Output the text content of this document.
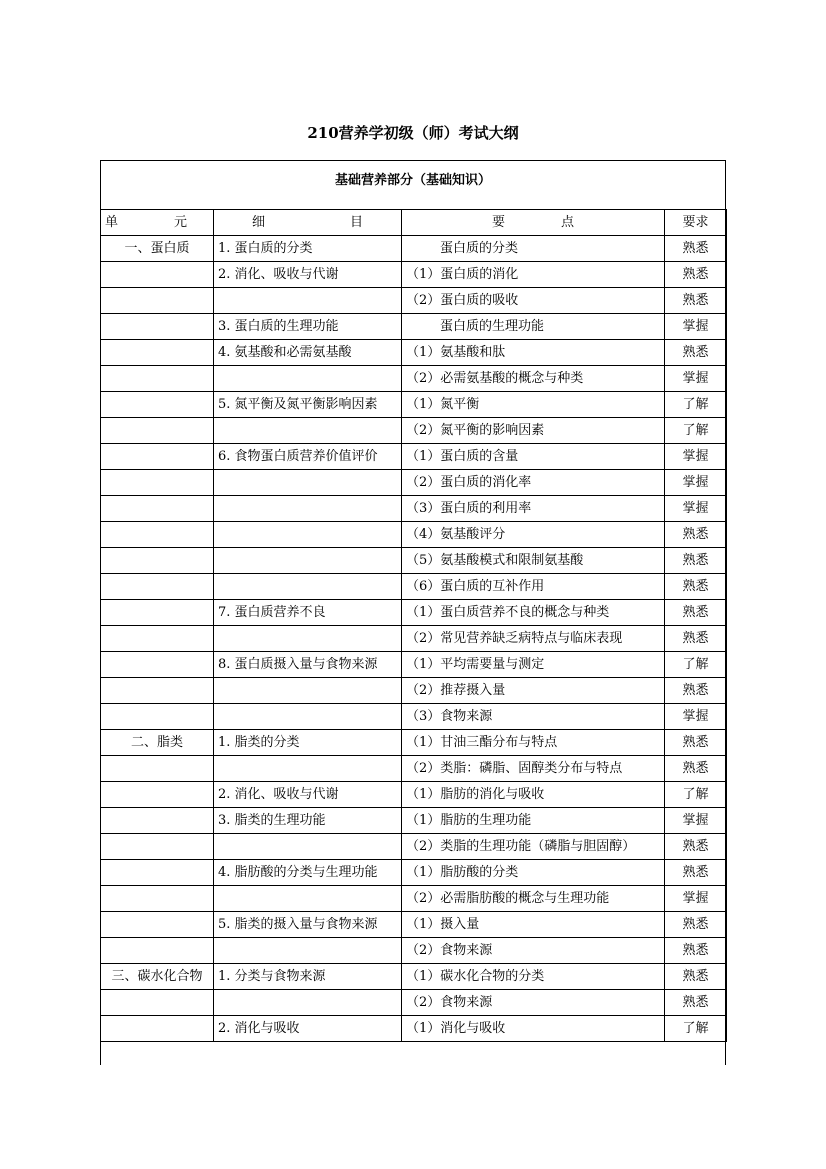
210营养学初级（师）考试大纲
基础营养部分（基础知识）
单 元	细 目	要 点	要求
一、蛋白质	1. 蛋白质的分类	蛋白质的分类	熟悉
	2. 消化、吸收与代谢	（1）蛋白质的消化	熟悉
		（2）蛋白质的吸收	熟悉
	3. 蛋白质的生理功能	蛋白质的生理功能	掌握
	4. 氨基酸和必需氨基酸	（1）氨基酸和肽	熟悉
		（2）必需氨基酸的概念与种类	掌握
	5. 氮平衡及氮平衡影响因素	（1）氮平衡	了解
		（2）氮平衡的影响因素	了解
	6. 食物蛋白质营养价值评价	（1）蛋白质的含量	掌握
		（2）蛋白质的消化率	掌握
		（3）蛋白质的利用率	掌握
		（4）氨基酸评分	熟悉
		（5）氨基酸模式和限制氨基酸	熟悉
		（6）蛋白质的互补作用	熟悉
	7. 蛋白质营养不良	（1）蛋白质营养不良的概念与种类	熟悉
		（2）常见营养缺乏病特点与临床表现	熟悉
	8. 蛋白质摄入量与食物来源	（1）平均需要量与测定	了解
		（2）推荐摄入量	熟悉
		（3）食物来源	掌握
二、脂类	1. 脂类的分类	（1）甘油三酯分布与特点	熟悉
		（2）类脂：磷脂、固醇类分布与特点	熟悉
	2. 消化、吸收与代谢	（1）脂肪的消化与吸收	了解
	3. 脂类的生理功能	（1）脂肪的生理功能	掌握
		（2）类脂的生理功能（磷脂与胆固醇）	熟悉
	4. 脂肪酸的分类与生理功能	（1）脂肪酸的分类	熟悉
		（2）必需脂肪酸的概念与生理功能	掌握
	5. 脂类的摄入量与食物来源	（1）摄入量	熟悉
		（2）食物来源	熟悉
三、碳水化合物	1. 分类与食物来源	（1）碳水化合物的分类	熟悉
		（2）食物来源	熟悉
	2. 消化与吸收	（1）消化与吸收	了解
